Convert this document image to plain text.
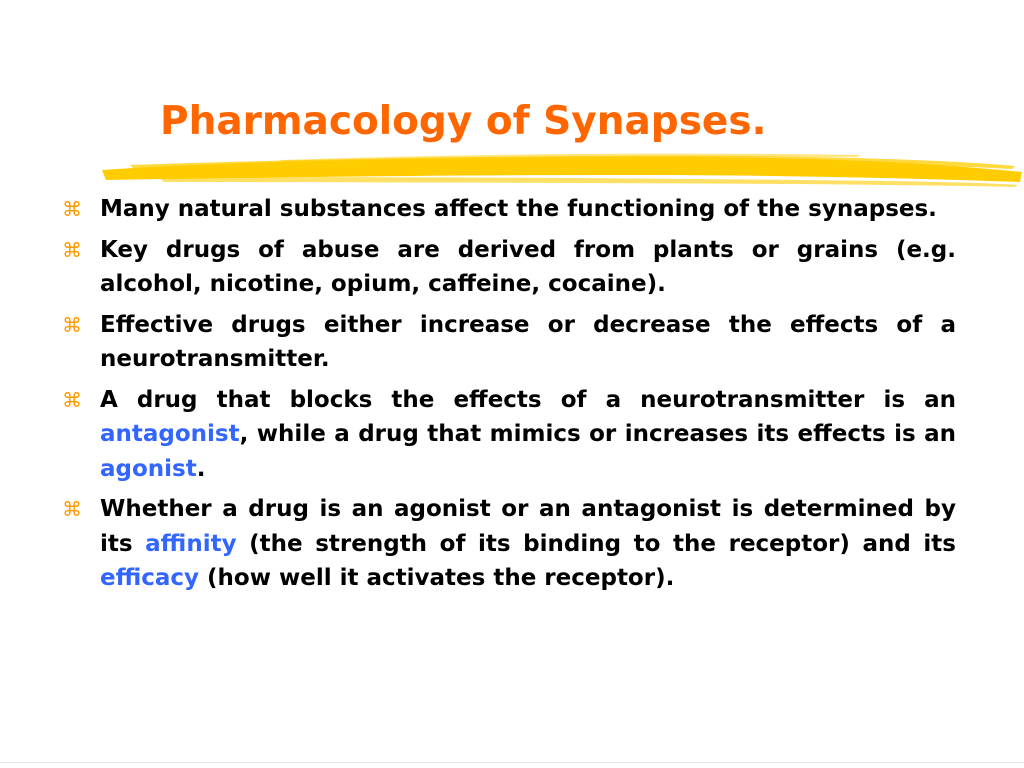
Pharmacology of Synapses.
⌘ Many natural substances affect the functioning of the synapses.
⌘ Key drugs of abuse are derived from plants or grains (e.g. alcohol, nicotine, opium, caffeine, cocaine).
⌘ Effective drugs either increase or decrease the effects of a neurotransmitter.
⌘ A drug that blocks the effects of a neurotransmitter is an antagonist, while a drug that mimics or increases its effects is an agonist.
⌘ Whether a drug is an agonist or an antagonist is determined by its affinity (the strength of its binding to the receptor) and its efficacy (how well it activates the receptor).
